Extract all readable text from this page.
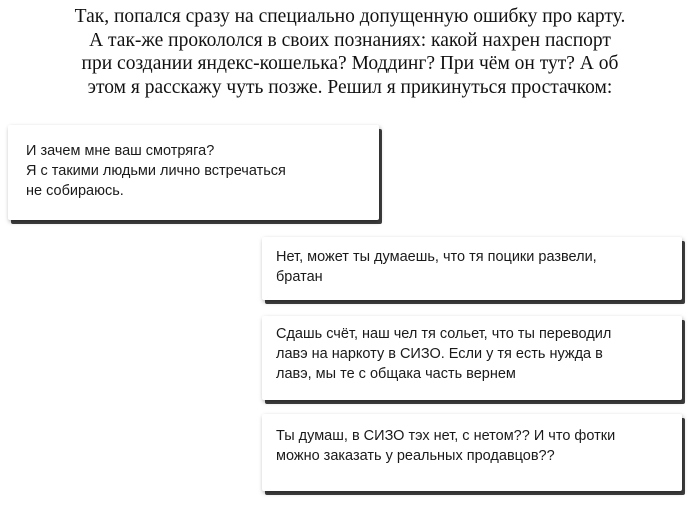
Так, попался сразу на специально допущенную ошибку про карту.
А так-же прокололся в своих познаниях: какой нахрен паспорт
при создании яндекс-кошелька? Моддинг? При чём он тут? А об
этом я расскажу чуть позже. Решил я прикинуться простачком:
И зачем мне ваш смотряга?
Я с такими людьми лично встречаться
не собираюсь.
Нет, может ты думаешь, что тя поцики развели,
братан
Сдашь счёт, наш чел тя сольет, что ты переводил
лавэ на наркоту в СИЗО. Если у тя есть нужда в
лавэ, мы те с общака часть вернем
Ты думаш, в СИЗО тэх нет, с нетом?? И что фотки
можно заказать у реальных продавцов??
